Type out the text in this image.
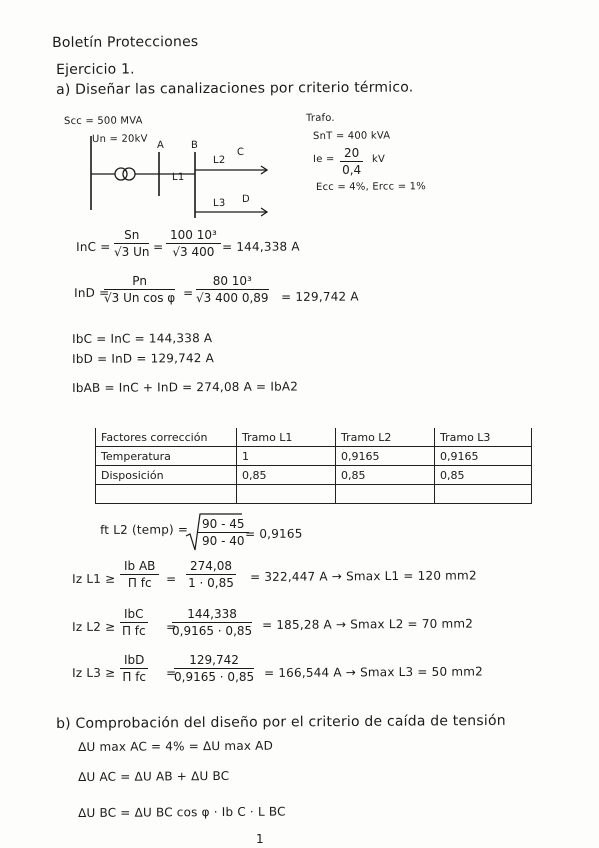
Boletín Protecciones
Ejercicio 1.
a) Diseñar las canalizaciones por criterio térmico.
Scc = 500 MVA
Un = 20kV
A	B
C
L2
L1
D
L3
Trafo.
SnT = 400 kVA
$Ie = \frac{20}{0,4}$ kV
Ecc = 4%, Ercc = 1%
InC = $\frac{Sn}{√3 Un} = \frac{\text{100 10³}}{√3 400} = 144,338$ A
InD =
$\frac{Pn}{\text{√3 Un cos φ}} = \frac{\text{80 10³}}{√3 400 0,89} = 129,742$ A
IbC = InC = 144,338 A
IbD = InD = 129,742 A
IbAB = InC + InD = 274,08 A = IbA2
Factores corrección	Tramo L1	Tramo L2	Tramo L3
Temperatura	1	0,9165	0,9165
Disposición	0,85	0,85	0,85

ft L2 (temp) = $\frac{90 - 45}{90 - 40}$
= 0,9165
Iz $L1 \ge \frac{\text{Ib AB}}{\text{Π fc}} = \frac{274,08}{1 \cdot 0,85} = 322,447$ A → Smax L1 = 120 mm2
Iz L2 ≥
IbC
Π fc =
$\frac{144,338}{0,9165 \cdot 0,85} = 185,28$ A → Smax L2 = 70 mm2
Iz L3 ≥
IbD
Π fc =
$\frac{129,742}{0,9165 \cdot 0,85} = 166,544$ A → Smax L3 = 50 mm2
b) Comprobación del diseño por el criterio de caída de tensión
ΔU max AC = 4% = ΔU max AD
ΔU AC = ΔU AB + ΔU BC
ΔU BC = ΔU BC cos φ · Ib C · L BC
1
